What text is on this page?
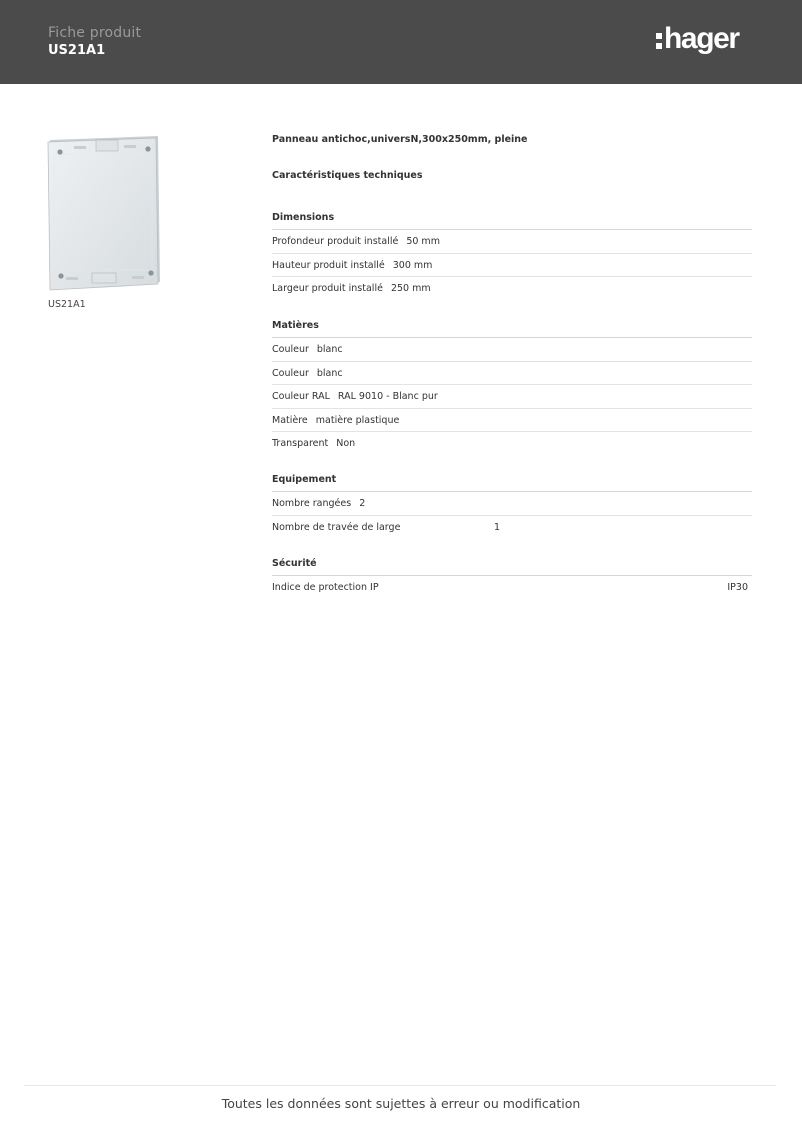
Fiche produit
US21A1	hager
US21A1
Panneau antichoc,universN,300x250mm, pleine
Caractéristiques techniques
Dimensions
Profondeur produit installé 50 mm
Hauteur produit installé 300 mm
Largeur produit installé 250 mm
Matières
Couleur blanc
Couleur blanc
Couleur RAL RAL 9010 - Blanc pur
Matière matière plastique
Transparent Non
Equipement
Nombre rangées 2
Nombre de travée de large	1
Sécurité
Indice de protection IP	IP30
Toutes les données sont sujettes à erreur ou modification
